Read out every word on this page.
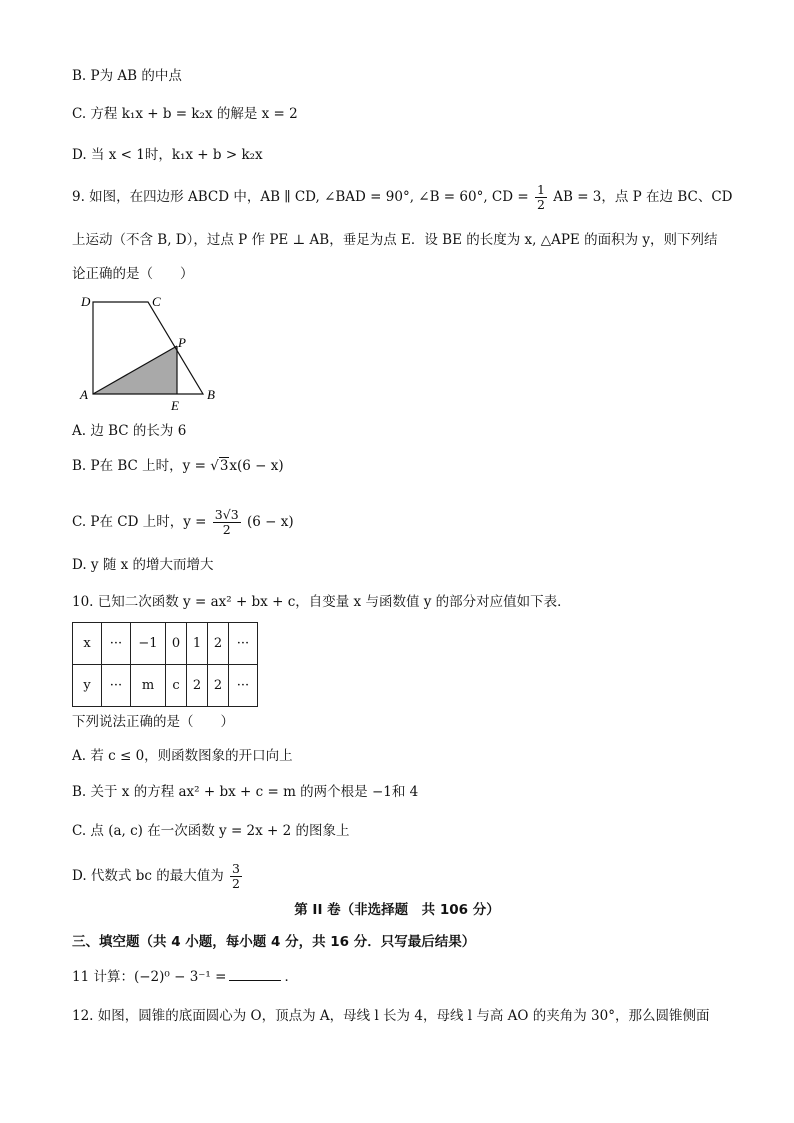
B. P为 AB 的中点
C. 方程 k₁x + b = k₂x 的解是 x = 2
D. 当 x < 1时，k₁x + b > k₂x
9. 如图，在四边形 ABCD 中，AB ∥ CD, ∠BAD = 90°, ∠B = 60°, CD = $\frac{1}{2}$ AB = 3，点 P 在边 BC、CD
上运动（不含 B, D），过点 P 作 PE ⊥ AB，垂足为点 E．设 BE 的长度为 x, △APE 的面积为 y，则下列结
论正确的是（　　）
D	C
P
A
E
B
A. 边 BC 的长为 6
B. P在 BC 上时，y = √3x(6 − x)
C. P在 CD 上时，$y = \frac{3√3}{2} (6 - x)$
D. y 随 x 的增大而增大
10. 已知二次函数 y = ax² + bx + c，自变量 x 与函数值 y 的部分对应值如下表．
x	···	−1	0	1	2	···
y	···	m	c	2	2	···
下列说法正确的是（　　）
A. 若 c ≤ 0，则函数图象的开口向上
B. 关于 x 的方程 ax² + bx + c = m 的两个根是 −1和 4
C. 点 (a, c) 在一次函数 y = 2x + 2 的图象上
D. 代数式 bc 的最大值为 $\frac{3}{2}$
第 II 卷（非选择题　共 106 分）
三、填空题（共 4 小题，每小题 4 分，共 16 分．只写最后结果）
11 计算：(−2)⁰ − 3⁻¹ =	．
12. 如图，圆锥的底面圆心为 O，顶点为 A，母线 l 长为 4，母线 l 与高 AO 的夹角为 30°，那么圆锥侧面
